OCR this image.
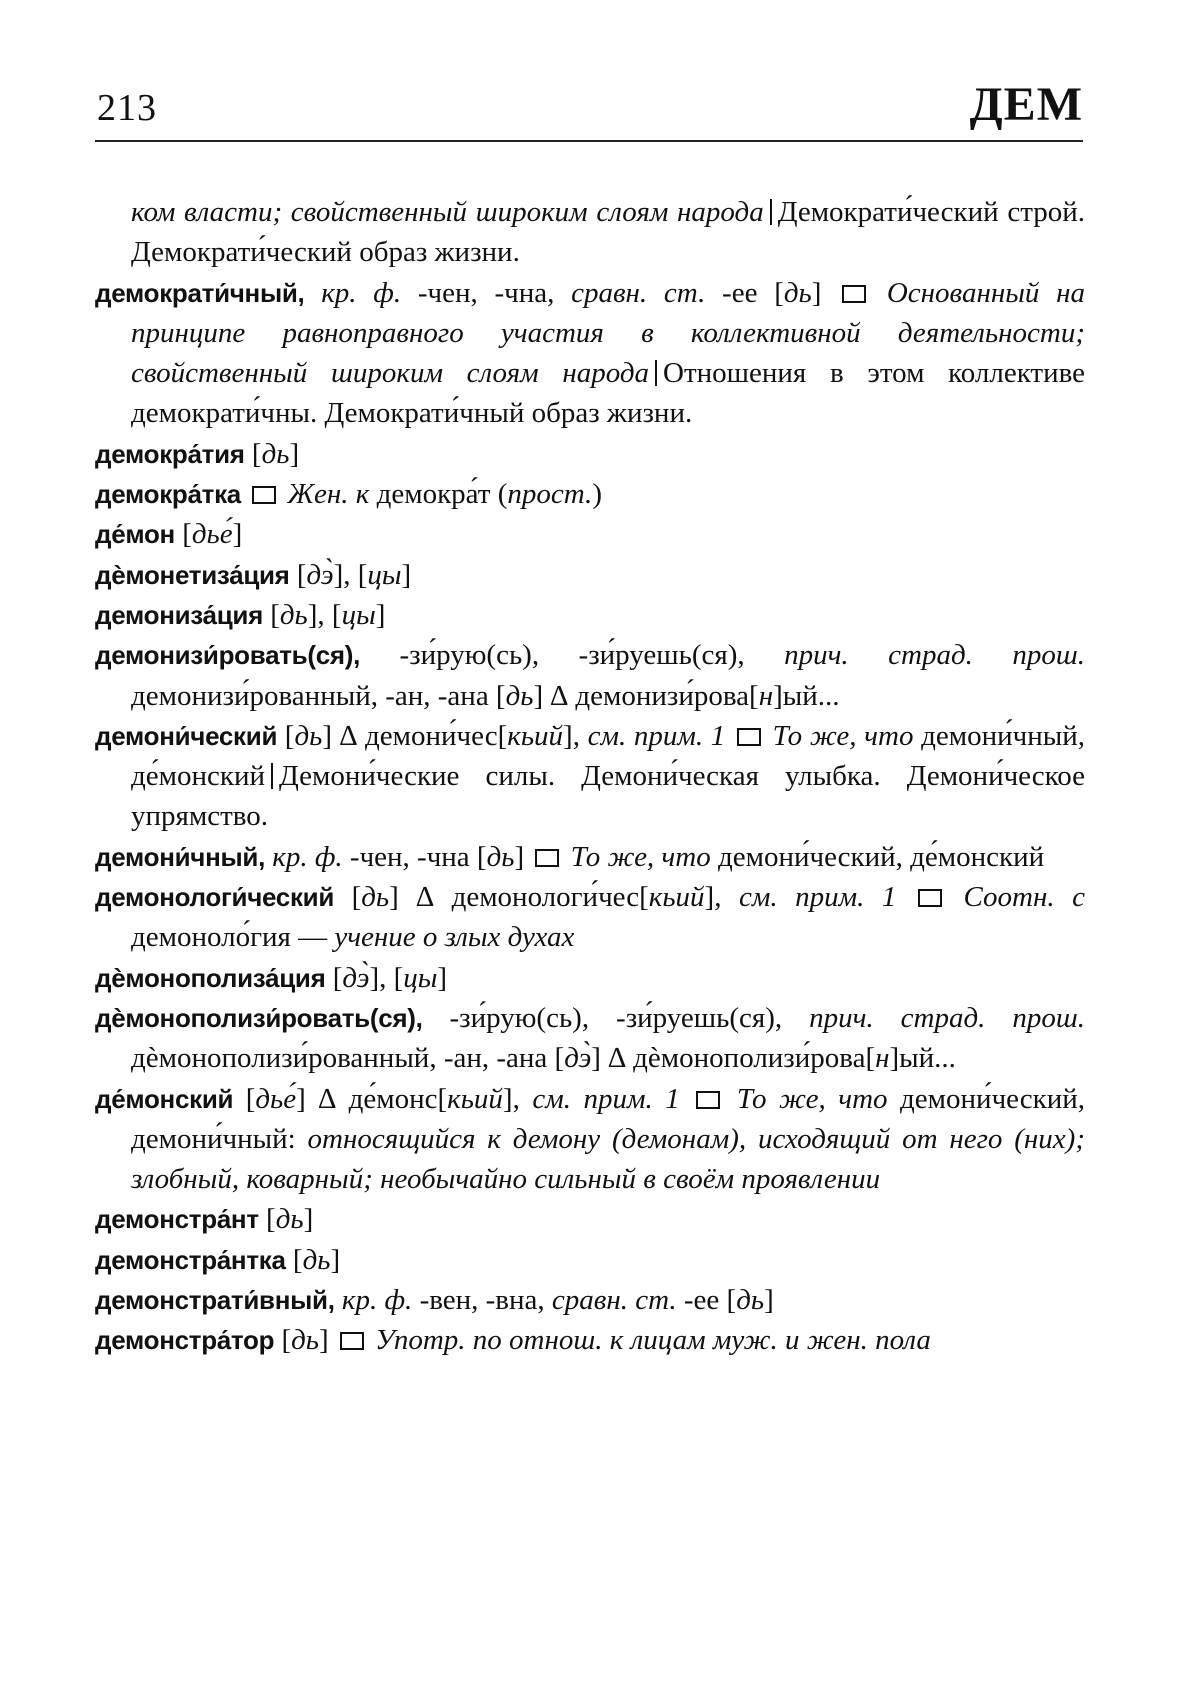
213	ДЕМ
ком власти; свойственный широким слоям народа Демократи́ческий строй. Демократи́ческий образ жизни.
демократи́чный, кр. ф. -чен, -чна, сравн. ст. -ее [дь]  Основанный на принципе равноправного участия в коллективной деятельности; свойственный широким слоям народа Отношения в этом коллективе демократи́чны. Демократи́чный образ жизни.
демокра́тия [дь]
демокра́тка  Жен. к демокра́т (прост.)
де́мон [дье́]
дѐмонетиза́ция [дэ̀], [цы]
демониза́ция [дь], [цы]
демонизи́ровать(ся), -зи́рую(сь), -зи́руешь(ся), прич. страд. прош. демонизи́рованный, -ан, -ана [дь] ∆ демонизи́рова[н]ый...
демони́ческий [дь] ∆ демони́чес[кьий], см. прим. 1  То же, что демони́чный, де́монский Демони́ческие силы. Демони́ческая улыбка. Демони́ческое упрямство.
демони́чный, кр. ф. -чен, -чна [дь]  То же, что демони́ческий, де́монский
демонологи́ческий [дь] ∆ демонологи́чес[кьий], см. прим. 1  Соотн. с демоноло́гия — учение о злых духах
дѐмонополиза́ция [дэ̀], [цы]
дѐмонополизи́ровать(ся), -зи́рую(сь), -зи́руешь(ся), прич. страд. прош. дѐмонополизи́рованный, -ан, -ана [дэ̀] ∆ дѐмонополизи́рова[н]ый...
де́монский [дье́] ∆ де́монс[кьий], см. прим. 1  То же, что демони́ческий, демони́чный: относящийся к демону (демонам), исходящий от него (них); злобный, коварный; необычайно сильный в своём проявлении
демонстра́нт [дь]
демонстра́нтка [дь]
демонстрати́вный, кр. ф. -вен, -вна, сравн. ст. -ее [дь]
демонстра́тор [дь]  Употр. по отнош. к лицам муж. и жен. пола
